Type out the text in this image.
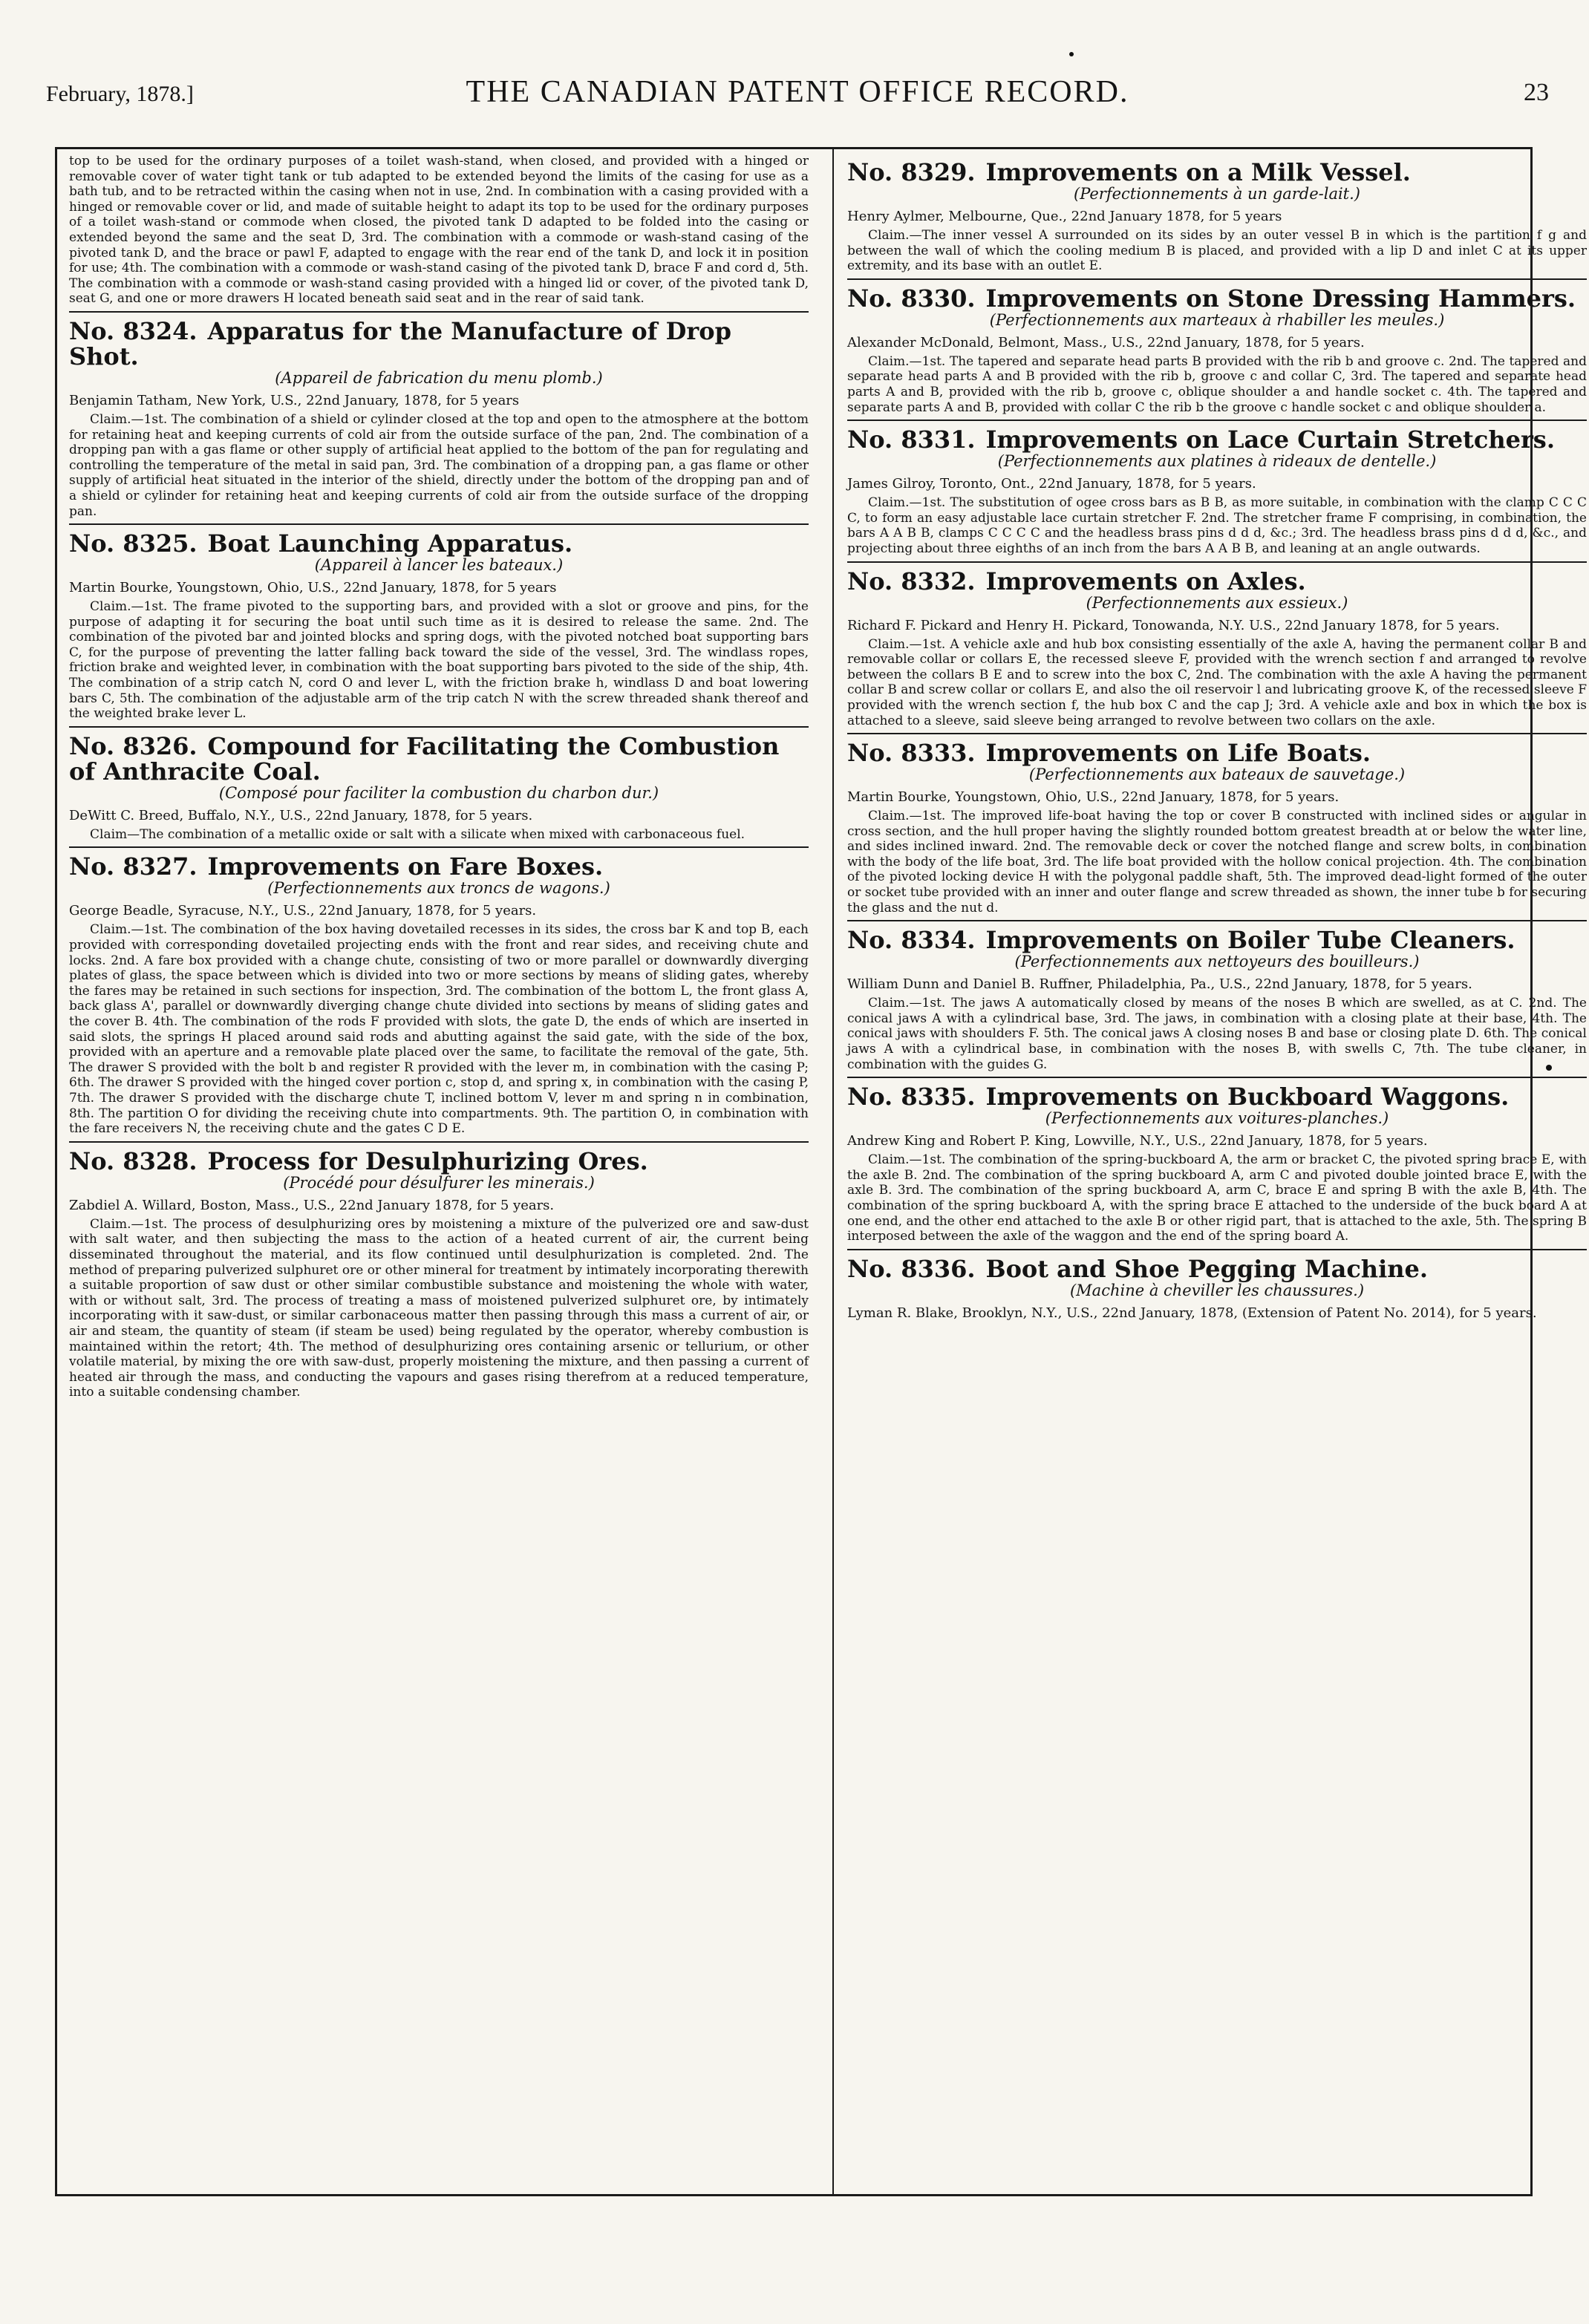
February, 1878.]	THE CANADIAN PATENT OFFICE RECORD.	23
top to be used for the ordinary purposes of a toilet wash-stand, when closed, and provided with a hinged or removable cover of water tight tank or tub adapted to be extended beyond the limits of the casing for use as a bath tub, and to be retracted within the casing when not in use, 2nd. In combination with a casing provided with a hinged or removable cover or lid, and made of suitable height to adapt its top to be used for the ordinary purposes of a toilet wash-stand or commode when closed, the pivoted tank D adapted to be folded into the casing or extended beyond the same and the seat D, 3rd. The combination with a commode or wash-stand casing of the pivoted tank D, and the brace or pawl F, adapted to engage with the rear end of the tank D, and lock it in position for use; 4th. The combination with a commode or wash-stand casing of the pivoted tank D, brace F and cord d, 5th. The combination with a commode or wash-stand casing provided with a hinged lid or cover, of the pivoted tank D, seat G, and one or more drawers H located beneath said seat and in the rear of said tank.
No. 8324. Apparatus for the Manufacture of Drop Shot.
(Appareil de fabrication du menu plomb.)
Benjamin Tatham, New York, U.S., 22nd January, 1878, for 5 years
Claim.—1st. The combination of a shield or cylinder closed at the top and open to the atmosphere at the bottom for retaining heat and keeping currents of cold air from the outside surface of the pan, 2nd. The combination of a dropping pan with a gas flame or other supply of artificial heat applied to the bottom of the pan for regulating and controlling the temperature of the metal in said pan, 3rd. The combination of a dropping pan, a gas flame or other supply of artificial heat situated in the interior of the shield, directly under the bottom of the dropping pan and of a shield or cylinder for retaining heat and keeping currents of cold air from the outside surface of the dropping pan.
No. 8325. Boat Launching Apparatus.
(Appareil à lancer les bateaux.)
Martin Bourke, Youngstown, Ohio, U.S., 22nd January, 1878, for 5 years
Claim.—1st. The frame pivoted to the supporting bars, and provided with a slot or groove and pins, for the purpose of adapting it for securing the boat until such time as it is desired to release the same. 2nd. The combination of the pivoted bar and jointed blocks and spring dogs, with the pivoted notched boat supporting bars C, for the purpose of preventing the latter falling back toward the side of the vessel, 3rd. The windlass ropes, friction brake and weighted lever, in combination with the boat supporting bars pivoted to the side of the ship, 4th. The combination of a strip catch N, cord O and lever L, with the friction brake h, windlass D and boat lowering bars C, 5th. The combination of the adjustable arm of the trip catch N with the screw threaded shank thereof and the weighted brake lever L.
No. 8326. Compound for Facilitating the Combustion of Anthracite Coal.
(Composé pour faciliter la combustion du charbon dur.)
DeWitt C. Breed, Buffalo, N.Y., U.S., 22nd January, 1878, for 5 years.
Claim—The combination of a metallic oxide or salt with a silicate when mixed with carbonaceous fuel.
No. 8327. Improvements on Fare Boxes.
(Perfectionnements aux troncs de wagons.)
George Beadle, Syracuse, N.Y., U.S., 22nd January, 1878, for 5 years.
Claim.—1st. The combination of the box having dovetailed recesses in its sides, the cross bar K and top B, each provided with corresponding dovetailed projecting ends with the front and rear sides, and receiving chute and locks. 2nd. A fare box provided with a change chute, consisting of two or more parallel or downwardly diverging plates of glass, the space between which is divided into two or more sections by means of sliding gates, whereby the fares may be retained in such sections for inspection, 3rd. The combination of the bottom L, the front glass A, back glass A', parallel or downwardly diverging change chute divided into sections by means of sliding gates and the cover B. 4th. The combination of the rods F provided with slots, the gate D, the ends of which are inserted in said slots, the springs H placed around said rods and abutting against the said gate, with the side of the box, provided with an aperture and a removable plate placed over the same, to facilitate the removal of the gate, 5th. The drawer S provided with the bolt b and register R provided with the lever m, in combination with the casing P; 6th. The drawer S provided with the hinged cover portion c, stop d, and spring x, in combination with the casing P, 7th. The drawer S provided with the discharge chute T, inclined bottom V, lever m and spring n in combination, 8th. The partition O for dividing the receiving chute into compartments. 9th. The partition O, in combination with the fare receivers N, the receiving chute and the gates C D E.
No. 8328. Process for Desulphurizing Ores.
(Procédé pour désulfurer les minerais.)
Zabdiel A. Willard, Boston, Mass., U.S., 22nd January 1878, for 5 years.
Claim.—1st. The process of desulphurizing ores by moistening a mixture of the pulverized ore and saw-dust with salt water, and then subjecting the mass to the action of a heated current of air, the current being disseminated throughout the material, and its flow continued until desulphurization is completed. 2nd. The method of preparing pulverized sulphuret ore or other mineral for treatment by intimately incorporating therewith a suitable proportion of saw dust or other similar combustible substance and moistening the whole with water, with or without salt, 3rd. The process of treating a mass of moistened pulverized sulphuret ore, by intimately incorporating with it saw-dust, or similar carbonaceous matter then passing through this mass a current of air, or air and steam, the quantity of steam (if steam be used) being regulated by the operator, whereby combustion is maintained within the retort; 4th. The method of desulphurizing ores containing arsenic or tellurium, or other volatile material, by mixing the ore with saw-dust, properly moistening the mixture, and then passing a current of heated air through the mass, and conducting the vapours and gases rising therefrom at a reduced temperature, into a suitable condensing chamber.
No. 8329. Improvements on a Milk Vessel.
(Perfectionnements à un garde-lait.)
Henry Aylmer, Melbourne, Que., 22nd January 1878, for 5 years
Claim.—The inner vessel A surrounded on its sides by an outer vessel B in which is the partition f g and between the wall of which the cooling medium B is placed, and provided with a lip D and inlet C at its upper extremity, and its base with an outlet E.
No. 8330. Improvements on Stone Dressing Hammers.
(Perfectionnements aux marteaux à rhabiller les meules.)
Alexander McDonald, Belmont, Mass., U.S., 22nd January, 1878, for 5 years.
Claim.—1st. The tapered and separate head parts B provided with the rib b and groove c. 2nd. The tapered and separate head parts A and B provided with the rib b, groove c and collar C, 3rd. The tapered and separate head parts A and B, provided with the rib b, groove c, oblique shoulder a and handle socket c. 4th. The tapered and separate parts A and B, provided with collar C the rib b the groove c handle socket c and oblique shoulder a.
No. 8331. Improvements on Lace Curtain Stretchers.
(Perfectionnements aux platines à rideaux de dentelle.)
James Gilroy, Toronto, Ont., 22nd January, 1878, for 5 years.
Claim.—1st. The substitution of ogee cross bars as B B, as more suitable, in combination with the clamp C C C C, to form an easy adjustable lace curtain stretcher F. 2nd. The stretcher frame F comprising, in combination, the bars A A B B, clamps C C C C and the headless brass pins d d d, &c.; 3rd. The headless brass pins d d d, &c., and projecting about three eighths of an inch from the bars A A B B, and leaning at an angle outwards.
No. 8332. Improvements on Axles.
(Perfectionnements aux essieux.)
Richard F. Pickard and Henry H. Pickard, Tonowanda, N.Y. U.S., 22nd January 1878, for 5 years.
Claim.—1st. A vehicle axle and hub box consisting essentially of the axle A, having the permanent collar B and removable collar or collars E, the recessed sleeve F, provided with the wrench section f and arranged to revolve between the collars B E and to screw into the box C, 2nd. The combination with the axle A having the permanent collar B and screw collar or collars E, and also the oil reservoir l and lubricating groove K, of the recessed sleeve F provided with the wrench section f, the hub box C and the cap J; 3rd. A vehicle axle and box in which the box is attached to a sleeve, said sleeve being arranged to revolve between two collars on the axle.
No. 8333. Improvements on Life Boats.
(Perfectionnements aux bateaux de sauvetage.)
Martin Bourke, Youngstown, Ohio, U.S., 22nd January, 1878, for 5 years.
Claim.—1st. The improved life-boat having the top or cover B constructed with inclined sides or angular in cross section, and the hull proper having the slightly rounded bottom greatest breadth at or below the water line, and sides inclined inward. 2nd. The removable deck or cover the notched flange and screw bolts, in combination with the body of the life boat, 3rd. The life boat provided with the hollow conical projection. 4th. The combination of the pivoted locking device H with the polygonal paddle shaft, 5th. The improved dead-light formed of the outer or socket tube provided with an inner and outer flange and screw threaded as shown, the inner tube b for securing the glass and the nut d.
No. 8334. Improvements on Boiler Tube Cleaners.
(Perfectionnements aux nettoyeurs des bouilleurs.)
William Dunn and Daniel B. Ruffner, Philadelphia, Pa., U.S., 22nd January, 1878, for 5 years.
Claim.—1st. The jaws A automatically closed by means of the noses B which are swelled, as at C. 2nd. The conical jaws A with a cylindrical base, 3rd. The jaws, in combination with a closing plate at their base, 4th. The conical jaws with shoulders F. 5th. The conical jaws A closing noses B and base or closing plate D. 6th. The conical jaws A with a cylindrical base, in combination with the noses B, with swells C, 7th. The tube cleaner, in combination with the guides G.
No. 8335. Improvements on Buckboard Waggons.
(Perfectionnements aux voitures-planches.)
Andrew King and Robert P. King, Lowville, N.Y., U.S., 22nd January, 1878, for 5 years.
Claim.—1st. The combination of the spring-buckboard A, the arm or bracket C, the pivoted spring brace E, with the axle B. 2nd. The combination of the spring buckboard A, arm C and pivoted double jointed brace E, with the axle B. 3rd. The combination of the spring buckboard A, arm C, brace E and spring B with the axle B, 4th. The combination of the spring buckboard A, with the spring brace E attached to the underside of the buck board A at one end, and the other end attached to the axle B or other rigid part, that is attached to the axle, 5th. The spring B interposed between the axle of the waggon and the end of the spring board A.
No. 8336. Boot and Shoe Pegging Machine.
(Machine à cheviller les chaussures.)
Lyman R. Blake, Brooklyn, N.Y., U.S., 22nd January, 1878, (Extension of Patent No. 2014), for 5 years.
